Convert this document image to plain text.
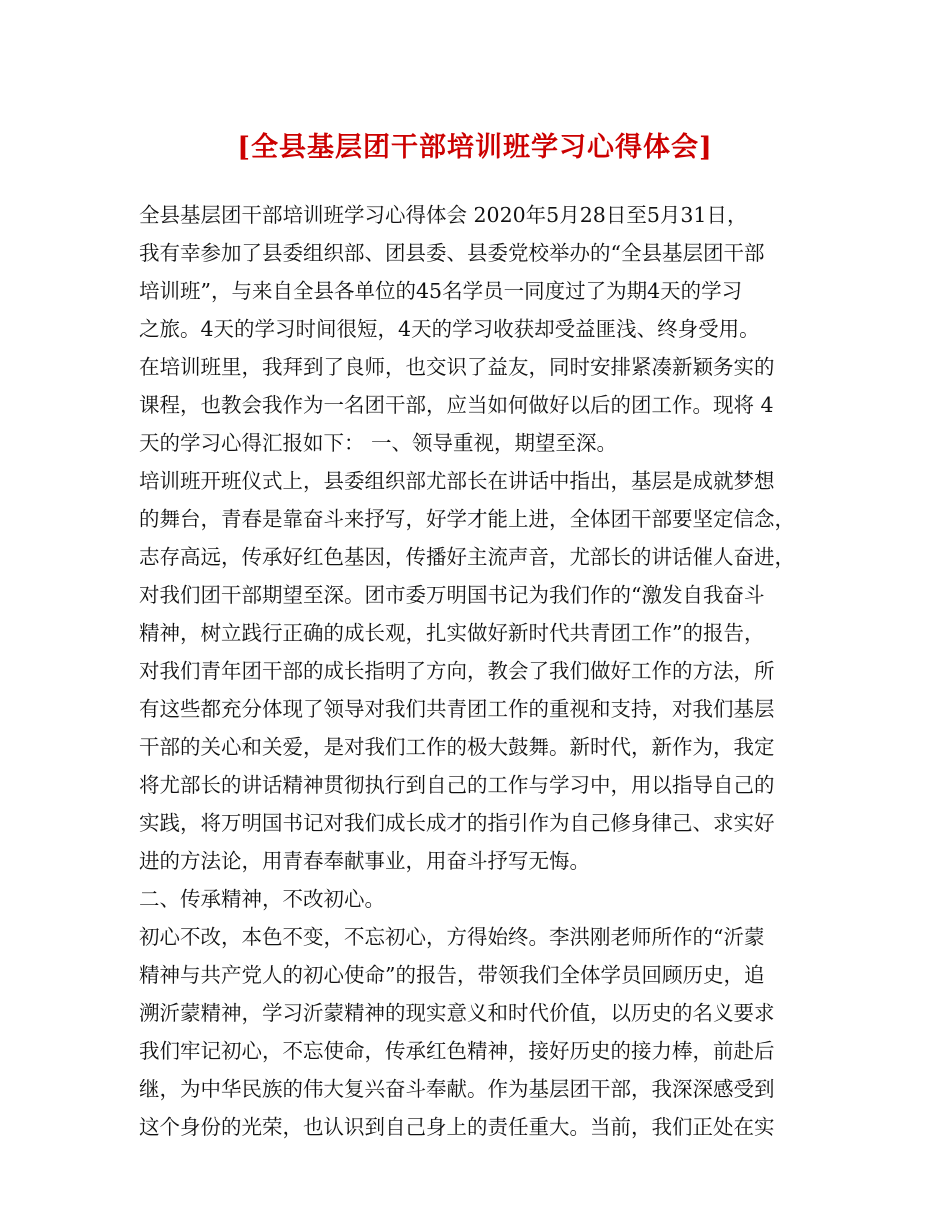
[全县基层团干部培训班学习心得体会]

全县基层团干部培训班学习心得体会 2020年5月28日至5月31日，

我有幸参加了县委组织部、团县委、县委党校举办的“全县基层团干部

培训班”，与来自全县各单位的45名学员一同度过了为期4天的学习

之旅。4天的学习时间很短，4天的学习收获却受益匪浅、终身受用。

在培训班里，我拜到了良师，也交识了益友，同时安排紧凑新颖务实的

课程，也教会我作为一名团干部，应当如何做好以后的团工作。现将 4

天的学习心得汇报如下： 一、领导重视，期望至深。

培训班开班仪式上，县委组织部尤部长在讲话中指出，基层是成就梦想

的舞台，青春是靠奋斗来抒写，好学才能上进，全体团干部要坚定信念，

志存高远，传承好红色基因，传播好主流声音，尤部长的讲话催人奋进，

对我们团干部期望至深。团市委万明国书记为我们作的“激发自我奋斗

精神，树立践行正确的成长观，扎实做好新时代共青团工作”的报告，

对我们青年团干部的成长指明了方向，教会了我们做好工作的方法，所

有这些都充分体现了领导对我们共青团工作的重视和支持，对我们基层

干部的关心和关爱，是对我们工作的极大鼓舞。新时代，新作为，我定

将尤部长的讲话精神贯彻执行到自己的工作与学习中，用以指导自己的

实践，将万明国书记对我们成长成才的指引作为自己修身律己、求实好

进的方法论，用青春奉献事业，用奋斗抒写无悔。

二、传承精神，不改初心。

初心不改，本色不变，不忘初心，方得始终。李洪刚老师所作的“沂蒙

精神与共产党人的初心使命”的报告，带领我们全体学员回顾历史，追

溯沂蒙精神，学习沂蒙精神的现实意义和时代价值，以历史的名义要求

我们牢记初心，不忘使命，传承红色精神，接好历史的接力棒，前赴后

继，为中华民族的伟大复兴奋斗奉献。作为基层团干部，我深深感受到

这个身份的光荣，也认识到自己身上的责任重大。当前，我们正处在实
